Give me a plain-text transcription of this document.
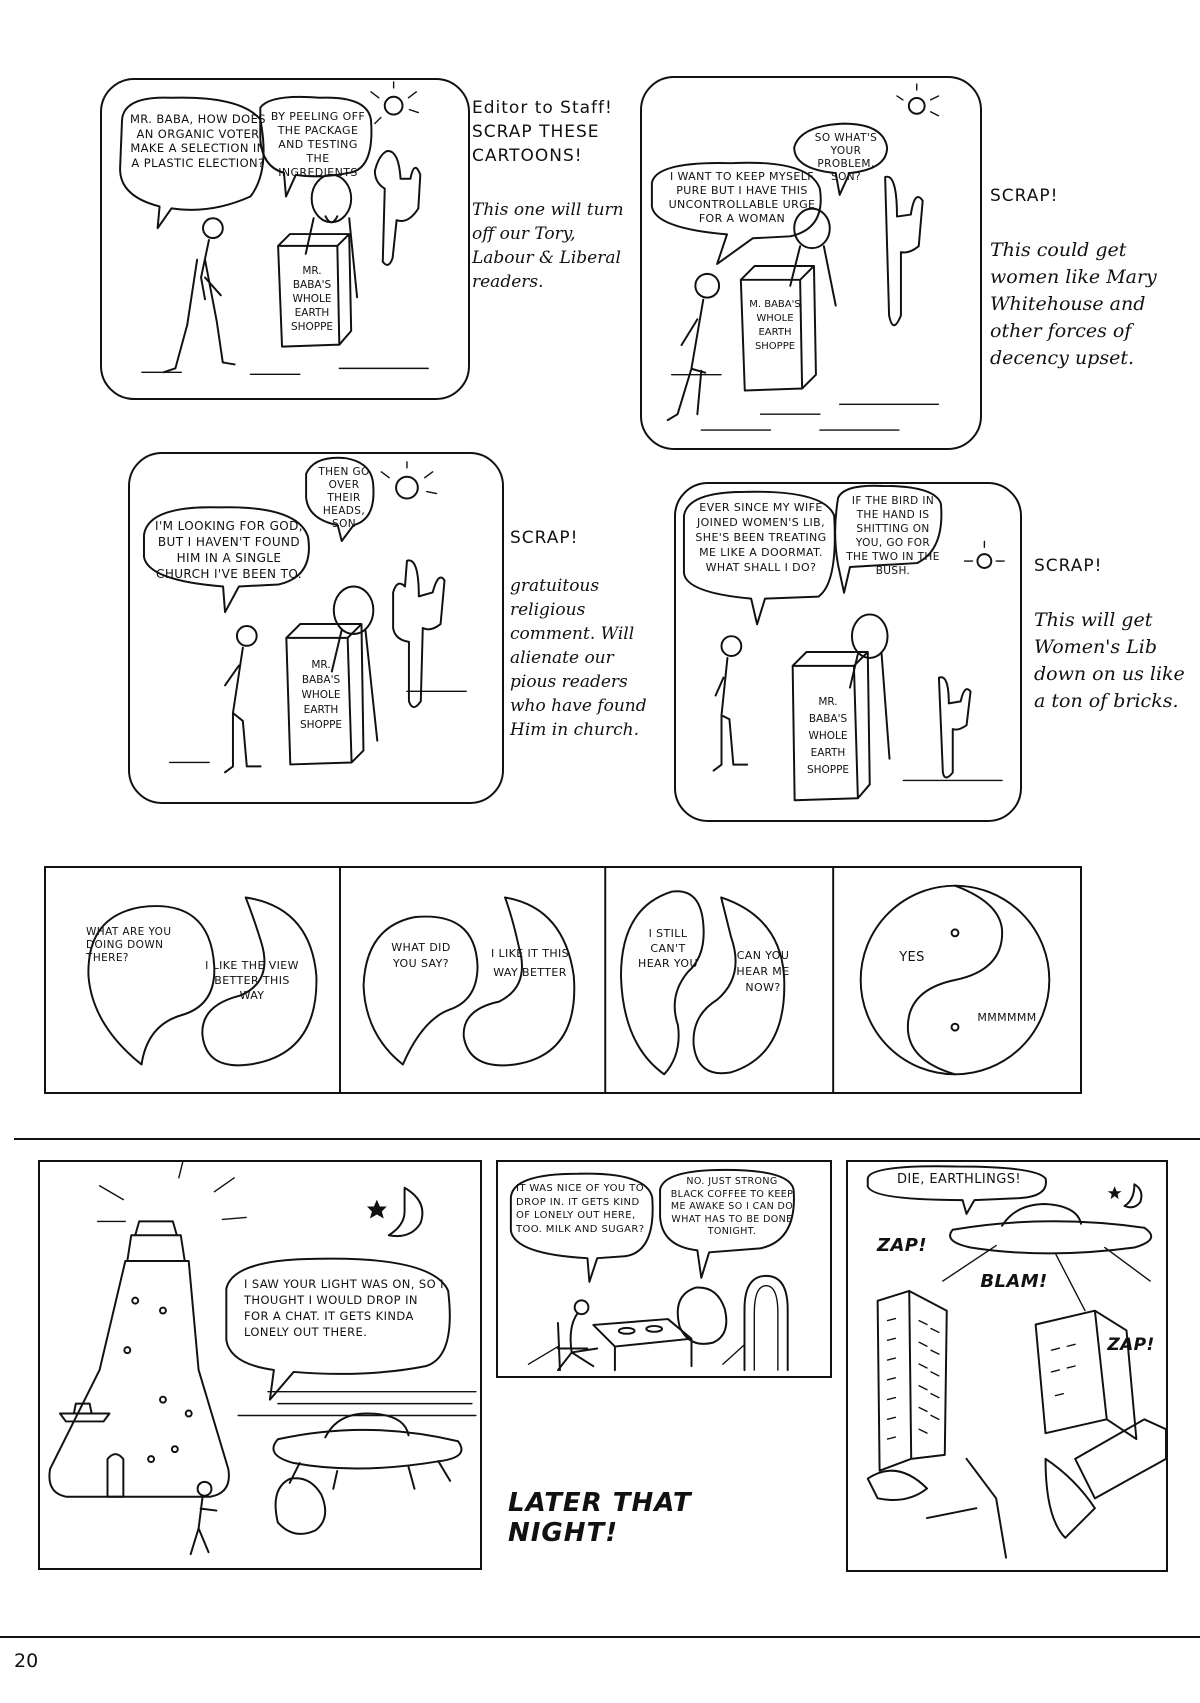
MR. BABA, HOW DOES AN ORGANIC VOTER MAKE A SELECTION IN A PLASTIC ELECTION?
BY PEELING OFF THE PACKAGE AND TESTING THE INGREDIENTS
MR. BABA'S WHOLE EARTH SHOPPE

Editor to Staff! SCRAP THESE CARTOONS!

This one will turn off our Tory, Labour & Liberal readers.

SO WHAT'S YOUR PROBLEM, SON?
I WANT TO KEEP MYSELF PURE BUT I HAVE THIS UNCONTROLLABLE URGE FOR A WOMAN
M. BABA'S WHOLE EARTH SHOPPE

SCRAP!

This could get women like Mary Whitehouse and other forces of decency upset.

I'M LOOKING FOR GOD, BUT I HAVEN'T FOUND HIM IN A SINGLE CHURCH I'VE BEEN TO.
THEN GO OVER THEIR HEADS, SON
MR. BABA'S WHOLE EARTH SHOPPE

SCRAP!

gratuitous religious comment. Will alienate our pious readers who have found Him in church.

EVER SINCE MY WIFE JOINED WOMEN'S LIB, SHE'S BEEN TREATING ME LIKE A DOORMAT. WHAT SHALL I DO?
IF THE BIRD IN THE HAND IS SHITTING ON YOU, GO FOR THE TWO IN THE BUSH.
MR. BABA'S WHOLE EARTH SHOPPE

SCRAP!

This will get Women's Lib down on us like a ton of bricks.

WHAT ARE YOU DOING DOWN THERE?
I LIKE THE VIEW BETTER THIS WAY
WHAT DID YOU SAY?
I LIKE IT THIS WAY BETTER
I STILL CAN'T HEAR YOU
CAN YOU HEAR ME NOW?
YES
MMMMMM
I SAW YOUR LIGHT WAS ON, SO I THOUGHT I WOULD DROP IN FOR A CHAT. IT GETS KINDA LONELY OUT THERE.
IT WAS NICE OF YOU TO DROP IN. IT GETS KIND OF LONELY OUT HERE, TOO. MILK AND SUGAR?
NO. JUST STRONG BLACK COFFEE TO KEEP ME AWAKE SO I CAN DO WHAT HAS TO BE DONE TONIGHT.
LATER THAT NIGHT!
DIE, EARTHLINGS!
ZAP!
BLAM!
ZAP!
20
